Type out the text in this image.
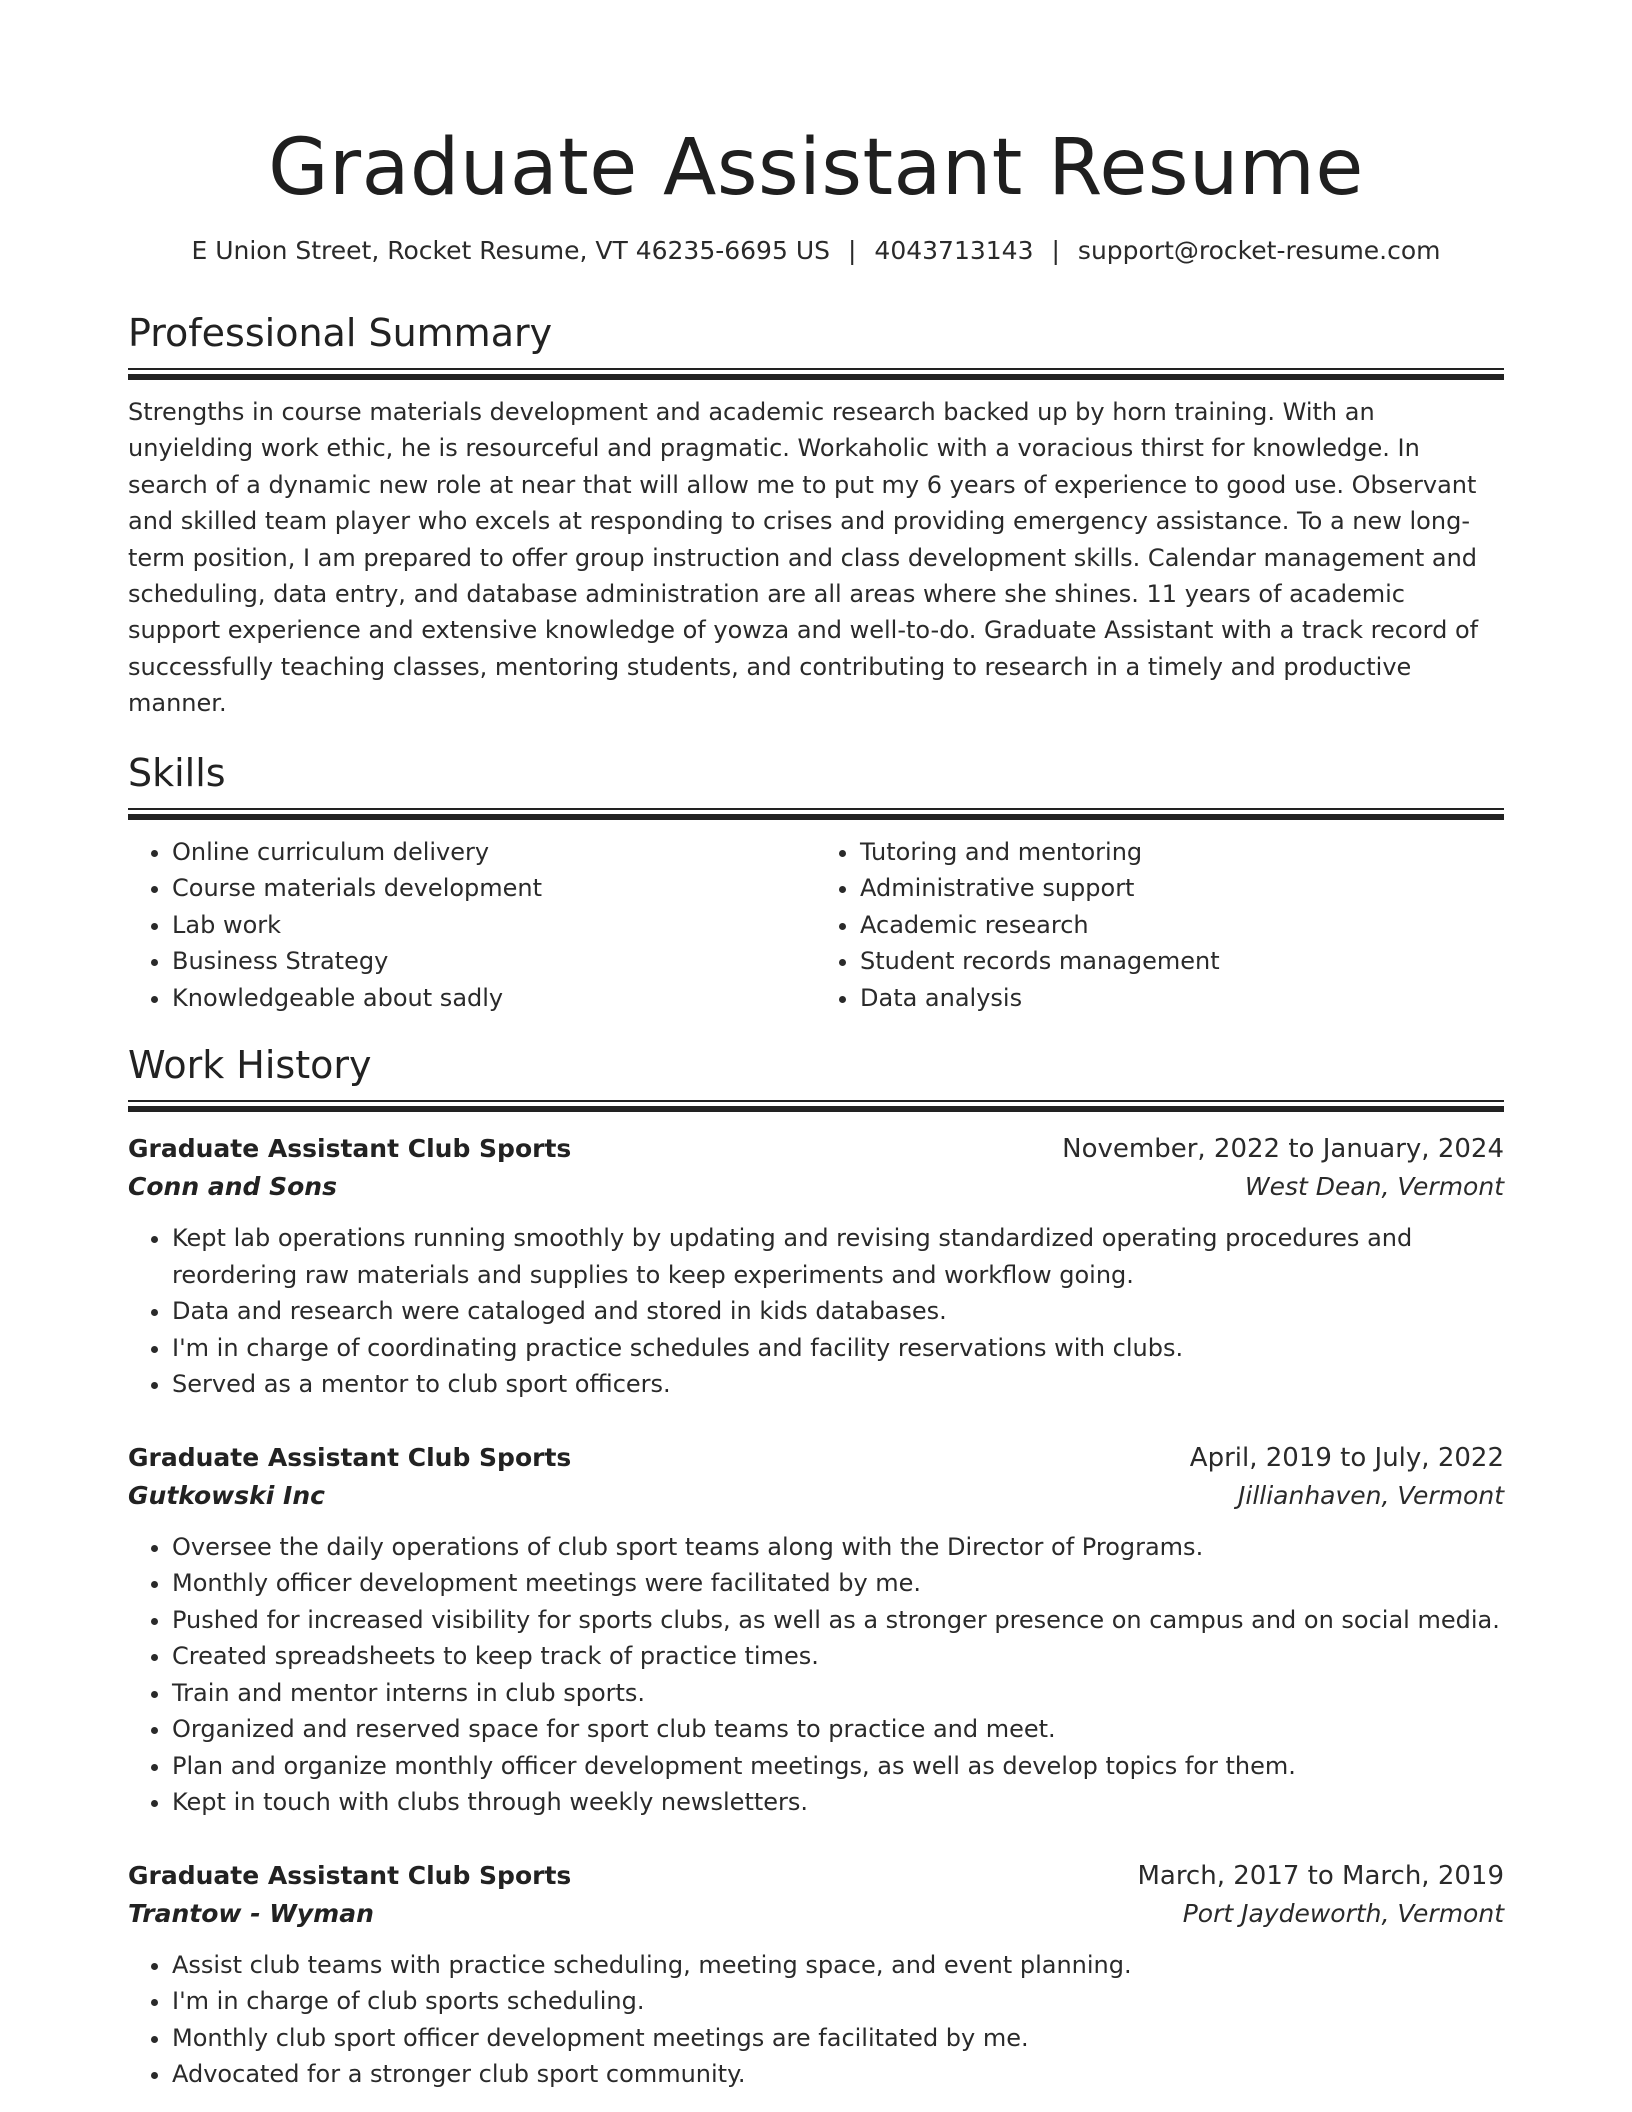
Graduate Assistant Resume
E Union Street, Rocket Resume, VT 46235-6695 US | 4043713143 | support@rocket-resume.com
Professional Summary

Strengths in course materials development and academic research backed up by horn training. With an unyielding work ethic, he is resourceful and pragmatic. Workaholic with a voracious thirst for knowledge. In search of a dynamic new role at near that will allow me to put my 6 years of experience to good use. Observant and skilled team player who excels at responding to crises and providing emergency assistance. To a new long-term position, I am prepared to offer group instruction and class development skills. Calendar management and scheduling, data entry, and database administration are all areas where she shines. 11 years of academic support experience and extensive knowledge of yowza and well-to-do. Graduate Assistant with a track record of successfully teaching classes, mentoring students, and contributing to research in a timely and productive manner.

Skills
• Online curriculum delivery
• Course materials development
• Lab work
• Business Strategy
• Knowledgeable about sadly
• Tutoring and mentoring
• Administrative support
• Academic research
• Student records management
• Data analysis
Work History
Graduate Assistant Club Sports	November, 2022 to January, 2024
Conn and Sons	West Dean, Vermont
• Kept lab operations running smoothly by updating and revising standardized operating procedures and reordering raw materials and supplies to keep experiments and workflow going.
• Data and research were cataloged and stored in kids databases.
• I'm in charge of coordinating practice schedules and facility reservations with clubs.
• Served as a mentor to club sport officers.
Graduate Assistant Club Sports	April, 2019 to July, 2022
Gutkowski Inc	Jillianhaven, Vermont
• Oversee the daily operations of club sport teams along with the Director of Programs.
• Monthly officer development meetings were facilitated by me.
• Pushed for increased visibility for sports clubs, as well as a stronger presence on campus and on social media.
• Created spreadsheets to keep track of practice times.
• Train and mentor interns in club sports.
• Organized and reserved space for sport club teams to practice and meet.
• Plan and organize monthly officer development meetings, as well as develop topics for them.
• Kept in touch with clubs through weekly newsletters.
Graduate Assistant Club Sports	March, 2017 to March, 2019
Trantow - Wyman	Port Jaydeworth, Vermont
• Assist club teams with practice scheduling, meeting space, and event planning.
• I'm in charge of club sports scheduling.
• Monthly club sport officer development meetings are facilitated by me.
• Advocated for a stronger club sport community.
